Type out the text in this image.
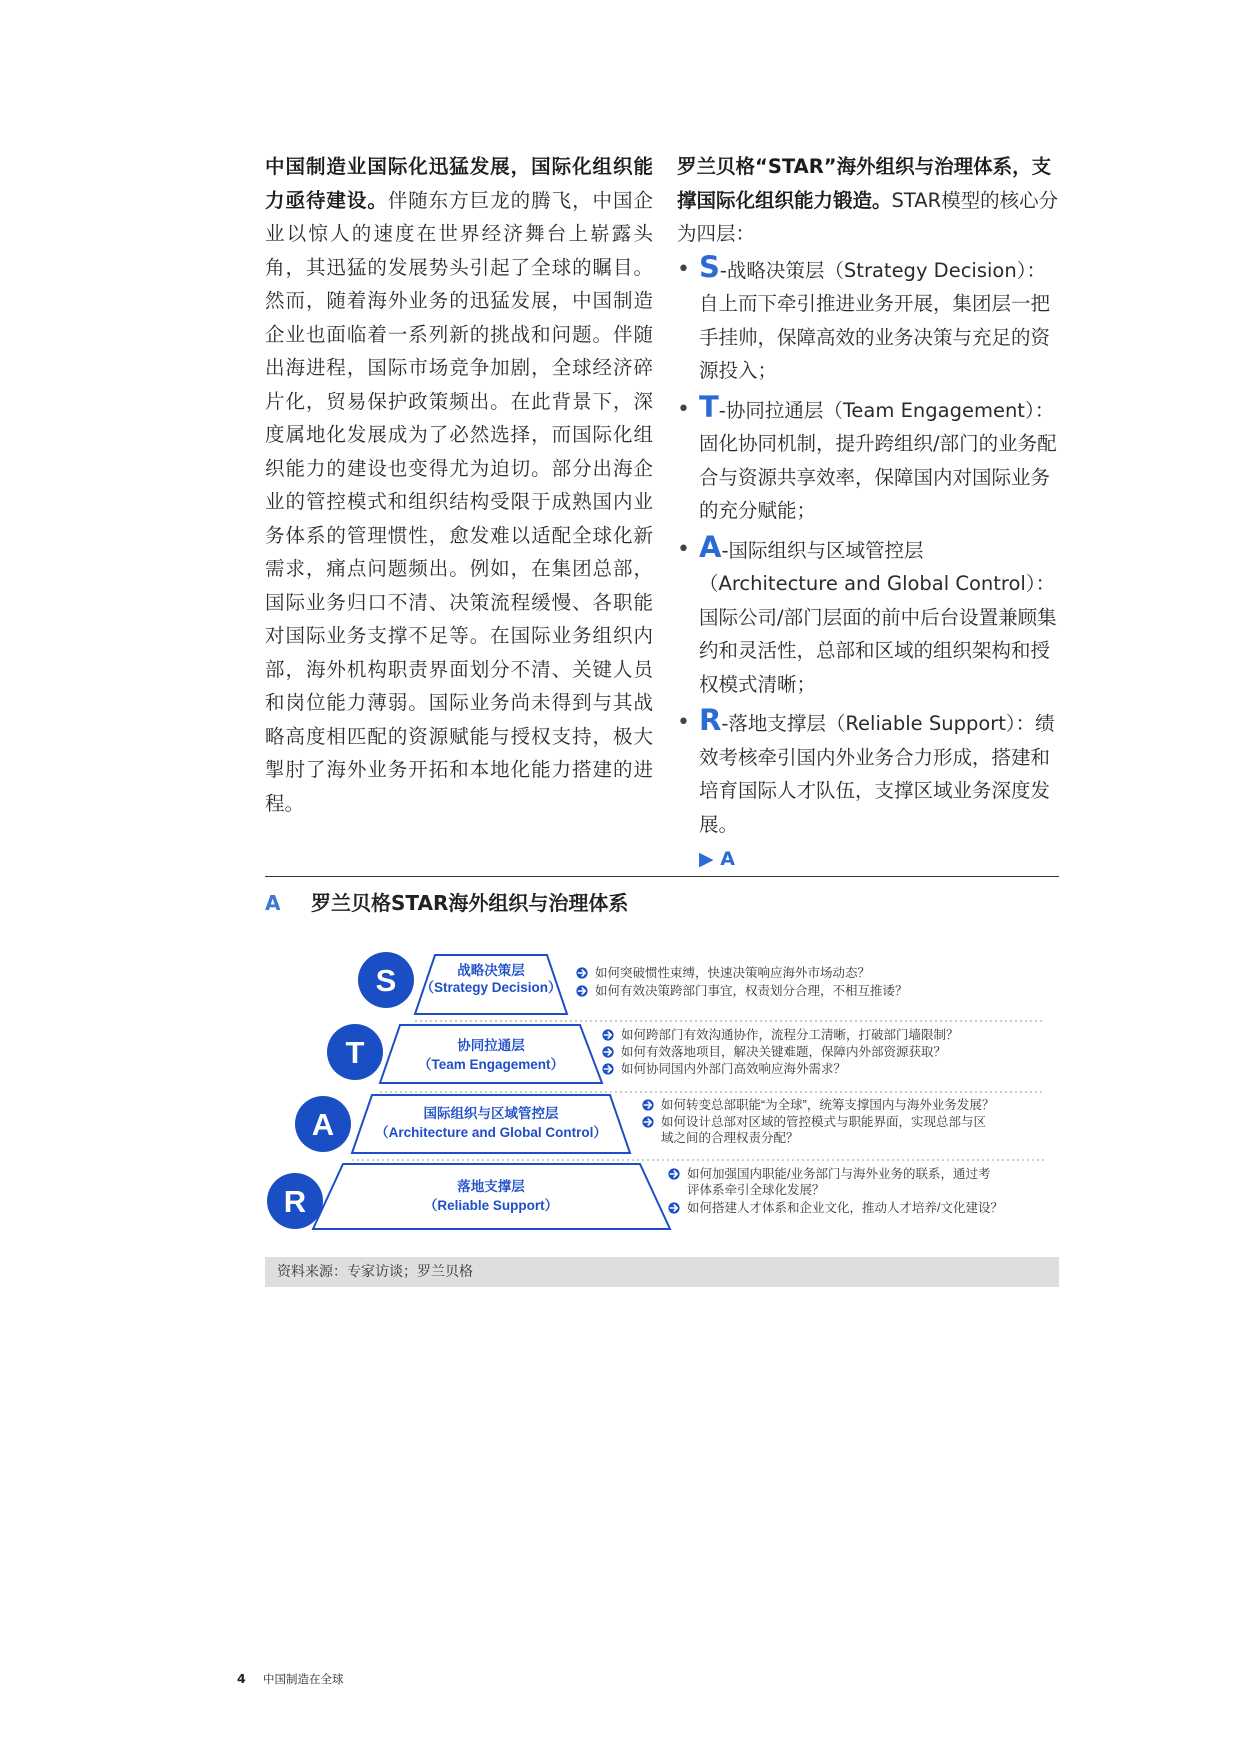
中国制造业国际化迅猛发展，国际化组织能力亟待建设。伴随东方巨龙的腾飞，中国企业以惊人的速度在世界经济舞台上崭露头角，其迅猛的发展势头引起了全球的瞩目。然而，随着海外业务的迅猛发展，中国制造企业也面临着一系列新的挑战和问题。伴随出海进程，国际市场竞争加剧，全球经济碎片化，贸易保护政策频出。在此背景下，深度属地化发展成为了必然选择，而国际化组织能力的建设也变得尤为迫切。部分出海企业的管控模式和组织结构受限于成熟国内业务体系的管理惯性，愈发难以适配全球化新需求，痛点问题频出。例如，在集团总部，国际业务归口不清、决策流程缓慢、各职能对国际业务支撑不足等。在国际业务组织内部，海外机构职责界面划分不清、关键人员和岗位能力薄弱。国际业务尚未得到与其战略高度相匹配的资源赋能与授权支持，极大掣肘了海外业务开拓和本地化能力搭建的进程。
罗兰贝格“STAR”海外组织与治理体系，支撑国际化组织能力锻造。STAR模型的核心分为四层：
• S-战略决策层（Strategy Decision）：自上而下牵引推进业务开展，集团层一把手挂帅，保障高效的业务决策与充足的资源投入；
• T-协同拉通层（Team Engagement）：固化协同机制，提升跨组织/部门的业务配合与资源共享效率，保障国内对国际业务的充分赋能；
• A-国际组织与区域管控层（Architecture and Global Control）：国际公司/部门层面的前中后台设置兼顾集约和灵活性，总部和区域的组织架构和授权模式清晰；
• R-落地支撑层（Reliable Support）：绩效考核牵引国内外业务合力形成，搭建和培育国际人才队伍，支撑区域业务深度发展。
▶ A
A 罗兰贝格STAR海外组织与治理体系
战略决策层
（Strategy Decision）
协同拉通层
（Team Engagement）
国际组织与区域管控层
（Architecture and Global Control）
落地支撑层
（Reliable Support）
S
T
A
R
如何突破惯性束缚，快速决策响应海外市场动态？
如何有效决策跨部门事宜，权责划分合理，不相互推诿？
如何跨部门有效沟通协作，流程分工清晰，打破部门墙限制？
如何有效落地项目，解决关键难题，保障内外部资源获取？
如何协同国内外部门高效响应海外需求？
如何转变总部职能“为全球”，统筹支撑国内与海外业务发展？
如何设计总部对区域的管控模式与职能界面，实现总部与区域之间的合理权责分配？
如何加强国内职能/业务部门与海外业务的联系，通过考评体系牵引全球化发展？
如何搭建人才体系和企业文化，推动人才培养/文化建设？
资料来源：专家访谈；罗兰贝格
4 中国制造在全球
